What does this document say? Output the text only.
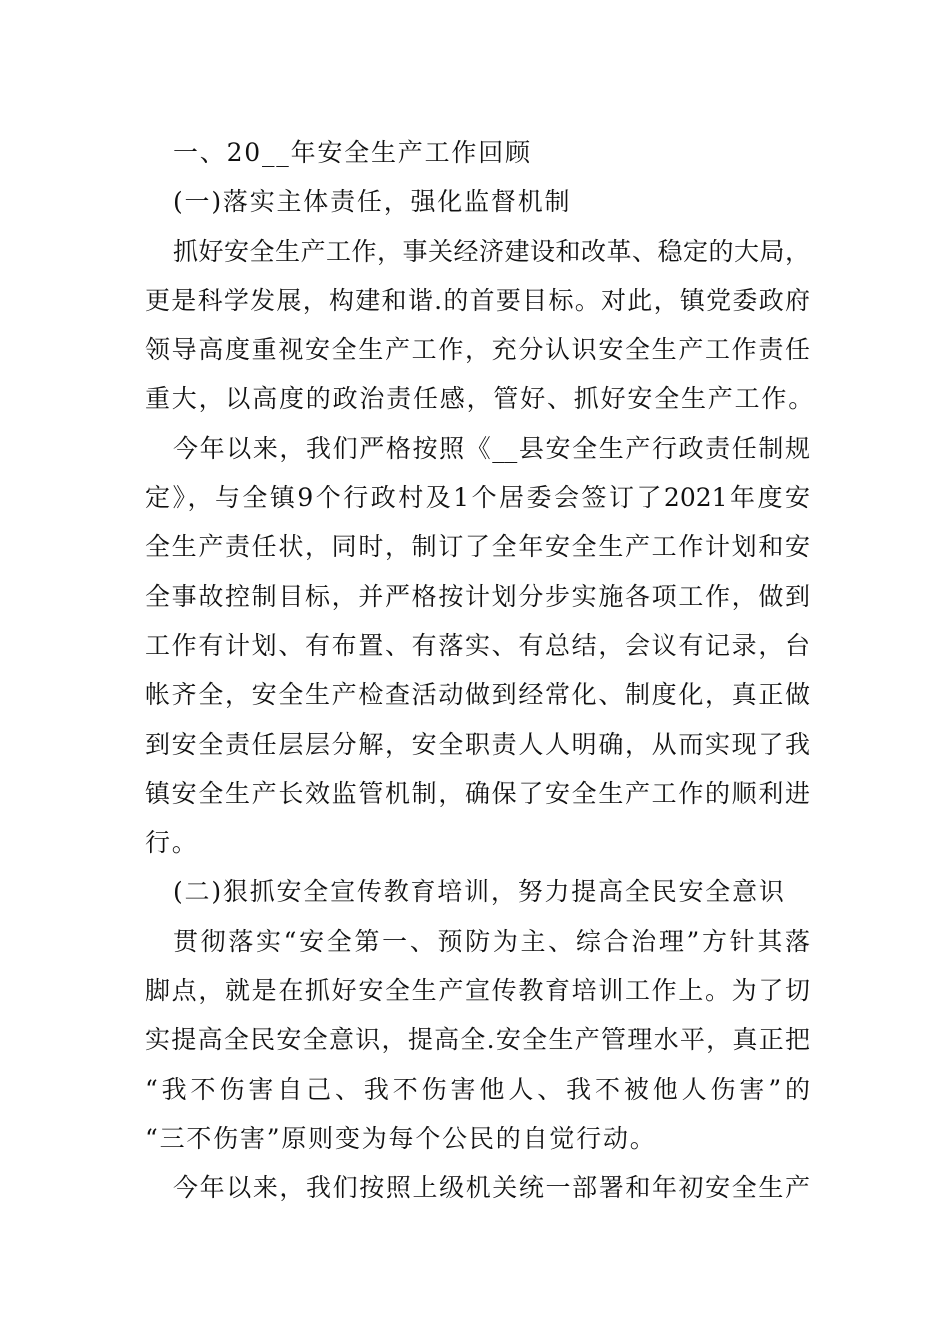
一、20__年安全生产工作回顾
(一)落实主体责任，强化监督机制
抓好安全生产工作，事关经济建设和改革、稳定的大局，
更是科学发展，构建和谐.的首要目标。对此，镇党委政府
领导高度重视安全生产工作，充分认识安全生产工作责任
重大，以高度的政治责任感，管好、抓好安全生产工作。
今年以来，我们严格按照《__县安全生产行政责任制规
定》，与全镇9个行政村及1个居委会签订了2021年度安
全生产责任状，同时，制订了全年安全生产工作计划和安
全事故控制目标，并严格按计划分步实施各项工作，做到
工作有计划、有布置、有落实、有总结，会议有记录，台
帐齐全，安全生产检查活动做到经常化、制度化，真正做
到安全责任层层分解，安全职责人人明确，从而实现了我
镇安全生产长效监管机制，确保了安全生产工作的顺利进
行。
(二)狠抓安全宣传教育培训，努力提高全民安全意识
贯彻落实“安全第一、预防为主、综合治理”方针其落
脚点，就是在抓好安全生产宣传教育培训工作上。为了切
实提高全民安全意识，提高全.安全生产管理水平，真正把
“我不伤害自己、我不伤害他人、我不被他人伤害”的
“三不伤害”原则变为每个公民的自觉行动。
今年以来，我们按照上级机关统一部署和年初安全生产
